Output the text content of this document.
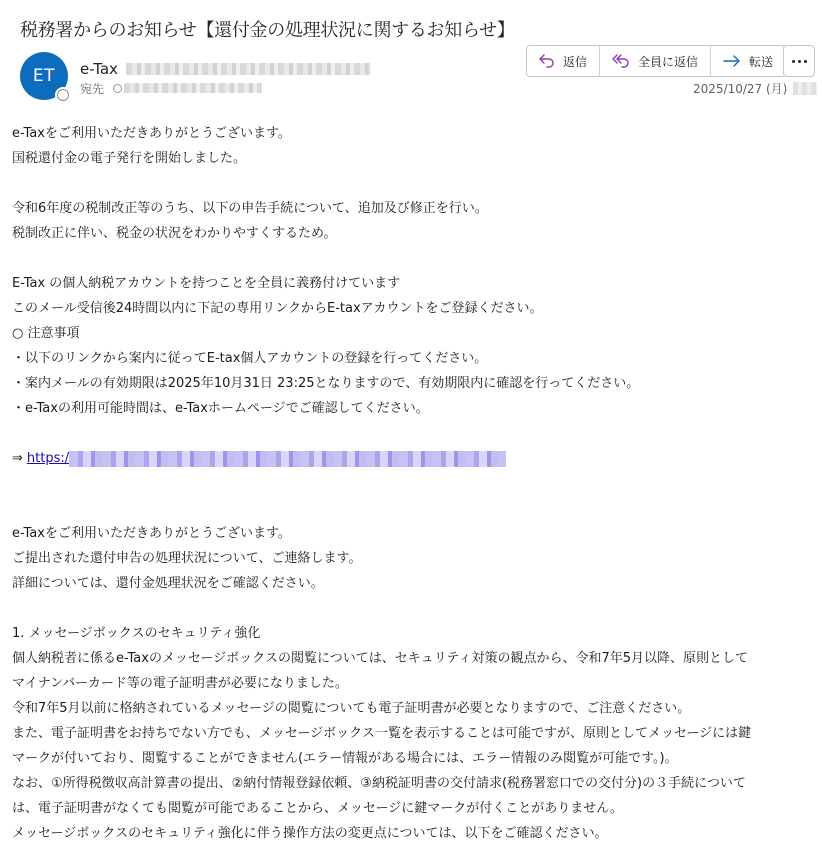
税務署からのお知らせ【還付金の処理状況に関するお知らせ】
ET e-Tax
宛先
返信	全員に返信	転送
2025/10/27 (月)

e-Taxをご利用いただきありがとうございます。

国税還付金の電子発行を開始しました。

令和6年度の税制改正等のうち、以下の申告手続について、追加及び修正を行い。

税制改正に伴い、税金の状況をわかりやすくするため。

E-Tax の個人納税アカウントを持つことを全員に義務付けています

このメール受信後24時間以内に下記の専用リンクからE-taxアカウントをご登録ください。

○ 注意事項

・以下のリンクから案内に従ってE-tax個人アカウントの登録を行ってください。

・案内メールの有効期限は2025年10月31日 23:25となりますので、有効期限内に確認を行ってください。

・e-Taxの利用可能時間は、e-Taxホームページでご確認してください。

⇒ https:/

e-Taxをご利用いただきありがとうございます。

ご提出された還付申告の処理状況について、ご連絡します。

詳細については、還付金処理状況をご確認ください。

1. メッセージボックスのセキュリティ強化

個人納税者に係るe-Taxのメッセージボックスの閲覧については、セキュリティ対策の観点から、令和7年5月以降、原則として

マイナンバーカード等の電子証明書が必要になりました。

令和7年5月以前に格納されているメッセージの閲覧についても電子証明書が必要となりますので、ご注意ください。

また、電子証明書をお持ちでない方でも、メッセージボックス一覧を表示することは可能ですが、原則としてメッセージには鍵

マークが付いており、閲覧することができません(エラー情報がある場合には、エラー情報のみ閲覧が可能です。)。

なお、①所得税徴収高計算書の提出、②納付情報登録依頼、③納税証明書の交付請求(税務署窓口での交付分)の３手続について

は、電子証明書がなくても閲覧が可能であることから、メッセージに鍵マークが付くことがありません。

メッセージボックスのセキュリティ強化に伴う操作方法の変更点については、以下をご確認ください。
